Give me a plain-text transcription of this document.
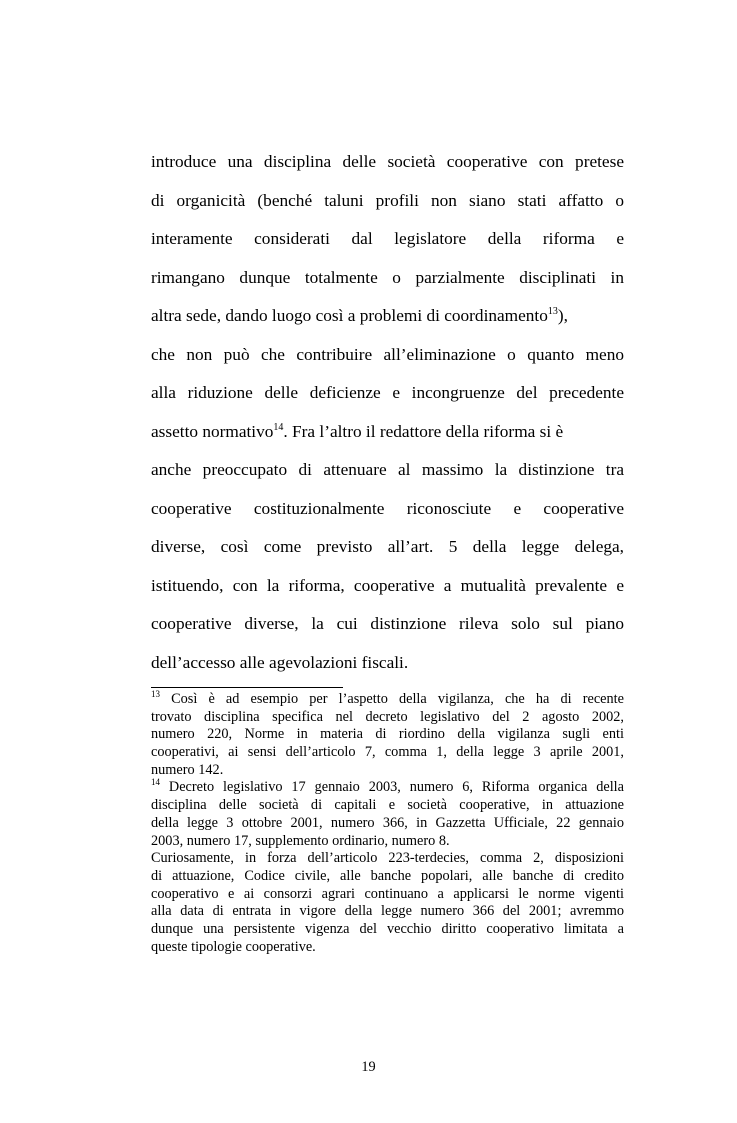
introduce una disciplina delle società cooperative con pretese
di organicità (benché taluni profili non siano stati affatto o
interamente considerati dal legislatore della riforma e
rimangano dunque totalmente o parzialmente disciplinati in
altra sede, dando luogo così a problemi di coordinamento$^{13}$),
che non può che contribuire all’eliminazione o quanto meno
alla riduzione delle deficienze e incongruenze del precedente
assetto normativo$^{14}$. Fra l’altro il redattore della riforma si è
anche preoccupato di attenuare al massimo la distinzione tra
cooperative costituzionalmente riconosciute e cooperative
diverse, così come previsto all’art. 5 della legge delega,
istituendo, con la riforma, cooperative a mutualità prevalente e
cooperative diverse, la cui distinzione rileva solo sul piano
dell’accesso alle agevolazioni fiscali.
$^{13}$ Così è ad esempio per l’aspetto della vigilanza, che ha di recente
trovato disciplina specifica nel decreto legislativo del 2 agosto 2002,
numero 220, Norme in materia di riordino della vigilanza sugli enti
cooperativi, ai sensi dell’articolo 7, comma 1, della legge 3 aprile 2001,
numero 142.
$^{14}$ Decreto legislativo 17 gennaio 2003, numero 6, Riforma organica della
disciplina delle società di capitali e società cooperative, in attuazione
della legge 3 ottobre 2001, numero 366, in Gazzetta Ufficiale, 22 gennaio
2003, numero 17, supplemento ordinario, numero 8.
Curiosamente, in forza dell’articolo 223-terdecies, comma 2, disposizioni
di attuazione, Codice civile, alle banche popolari, alle banche di credito
cooperativo e ai consorzi agrari continuano a applicarsi le norme vigenti
alla data di entrata in vigore della legge numero 366 del 2001; avremmo
dunque una persistente vigenza del vecchio diritto cooperativo limitata a
queste tipologie cooperative.
19
